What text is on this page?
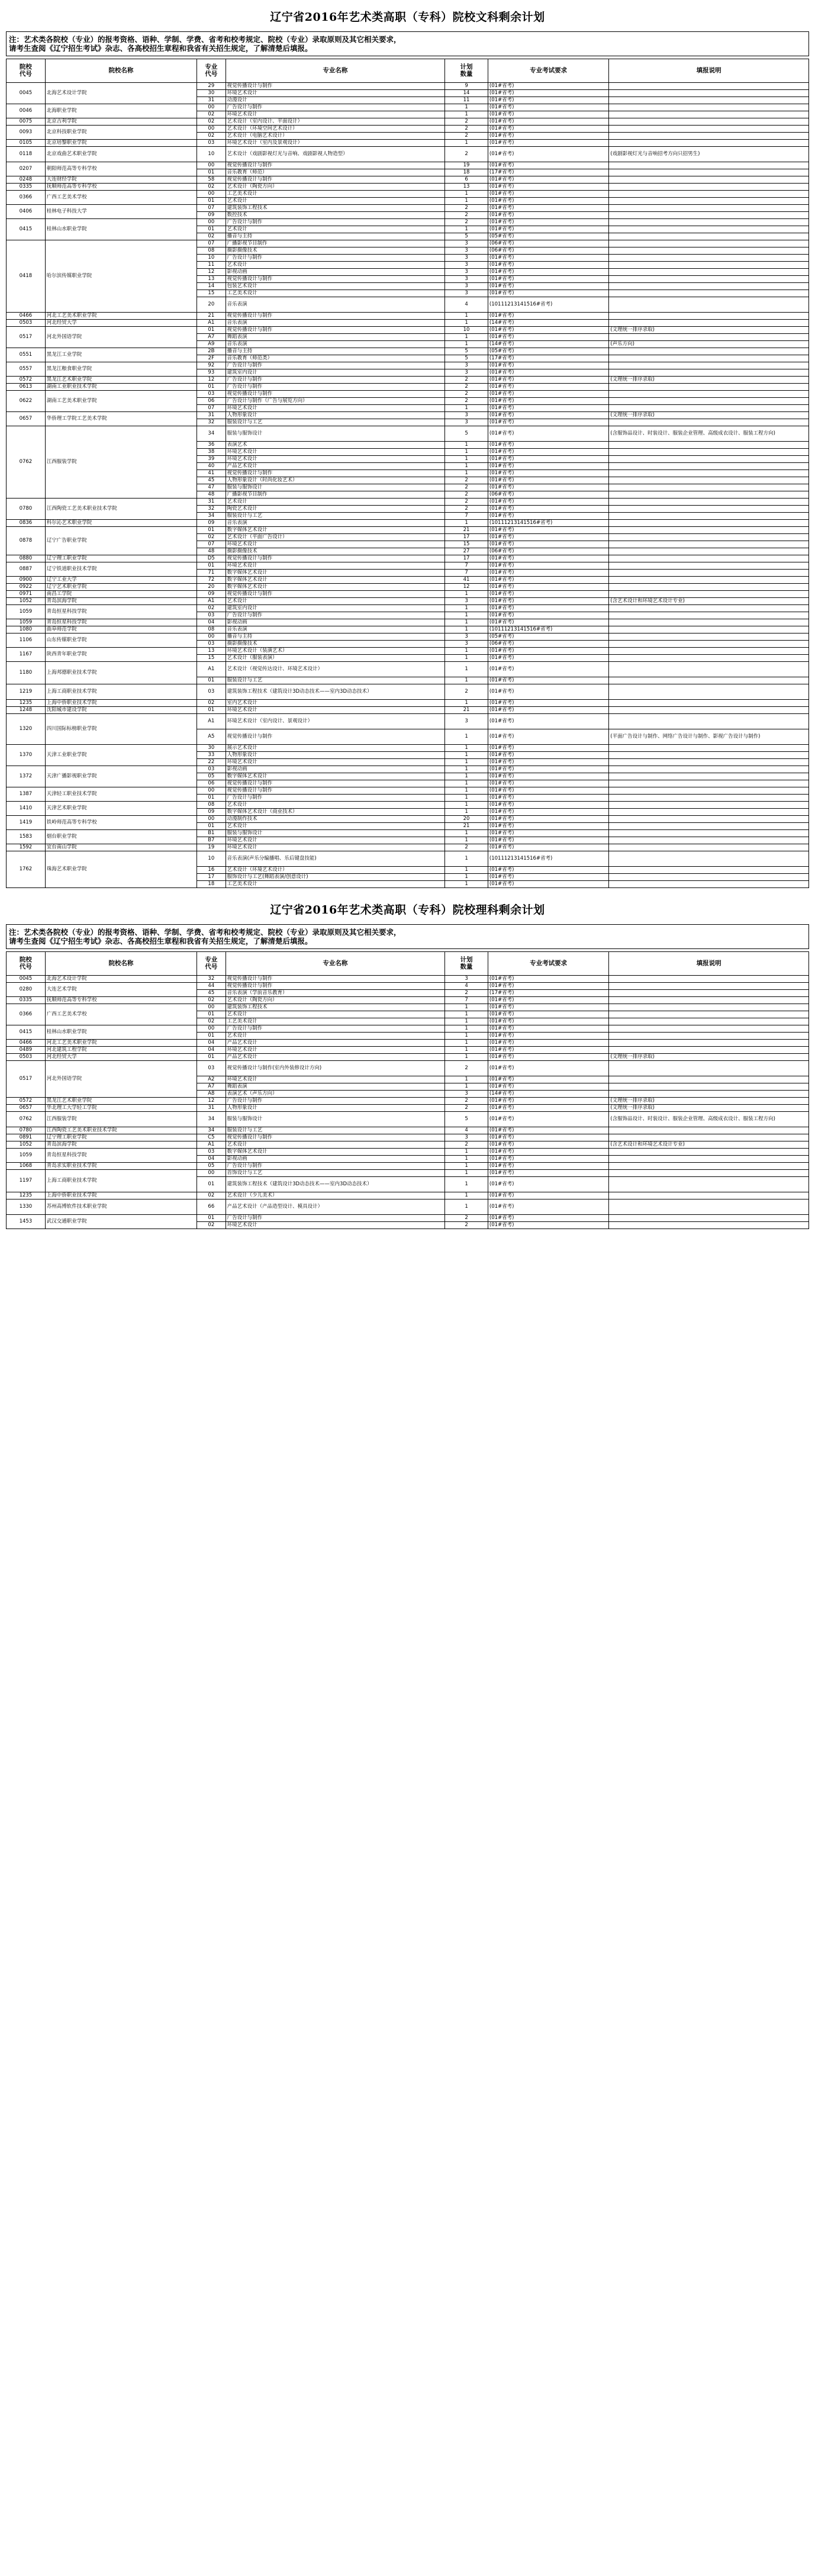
辽宁省2016年艺术类高职（专科）院校文科剩余计划
注：艺术类各院校（专业）的报考资格、语种、学制、学费、省考和校考规定、院校（专业）录取原则及其它相关要求，
请考生查阅《辽宁招生考试》杂志、各高校招生章程和我省有关招生规定，了解清楚后填报。
院校
代号	院校名称	专业
代号	专业名称	计划
数量	专业考试要求	填报说明

0045	北海艺术设计学院	29	视觉传播设计与制作	9	(01#省考)	
		30	环境艺术设计	14	(01#省考)	
		31	动漫设计	11	(01#省考)	
0046	北海职业学院	00	广告设计与制作	1	(01#省考)	
		02	环境艺术设计	1	(01#省考)	
0075	北京吉利学院	02	艺术设计（室内设计、平面设计）	2	(01#省考)	
0093	北京科技职业学院	00	艺术设计（环境空间艺术设计）	2	(01#省考)	
		02	艺术设计（电脑艺术设计）	2	(01#省考)	
0105	北京培黎职业学院	03	环境艺术设计（室内及景观设计）	1	(01#省考)	
0118	北京戏曲艺术职业学院	10	艺术设计（戏剧影视灯光与音响、戏剧影视人物造型）	2	(01#省考)	(戏剧影视灯光与音响招考方向只招男生)
0207	朝阳师范高等专科学校	00	视觉传播设计与制作	19	(01#省考)	
		01	音乐教育（师范）	18	(17#省考)	
0248	大连财经学院	58	视觉传播设计与制作	6	(01#省考)	
0335	抚顺师范高等专科学校	02	艺术设计（陶瓷方向）	13	(01#省考)	
0366	广西工艺美术学校	00	工艺美术设计	1	(01#省考)	
		01	艺术设计	1	(01#省考)	
0406	桂林电子科技大学	07	建筑装饰工程技术	2	(01#省考)	
		09	数控技术	2	(01#省考)	
0415	桂林山水职业学院	00	广告设计与制作	2	(01#省考)	
		01	艺术设计	1	(01#省考)	
		02	播音与主持	5	(05#省考)	
0418	哈尔滨传媒职业学院	07	广播影视节目制作	3	(06#省考)	
		08	摄影摄像技术	3	(06#省考)	
		10	广告设计与制作	3	(01#省考)	
		11	艺术设计	3	(01#省考)	
		12	影视动画	3	(01#省考)	
		13	视觉传播设计与制作	3	(01#省考)	
		14	包装艺术设计	3	(01#省考)	
		15	工艺美术设计	3	(01#省考)	
		20	音乐表演	4	(10111213141516#省考)	
0466	河北工艺美术职业学院	21	视觉传播设计与制作	1	(01#省考)	
0503	河北经贸大学	A1	音乐表演	1	(14#省考)	
0517	河北外国语学院	01	视觉传播设计与制作	10	(01#省考)	(文理统一排序录取)
		A7	舞蹈表演	1	(01#省考)	
		A9	音乐表演	1	(14#省考)	(声乐方向)
0551	黑龙江工业学院	2B	播音与主持	5	(05#省考)	
		2F	音乐教育（师范类）	5	(17#省考)	
0557	黑龙江粮食职业学院	92	广告设计与制作	3	(01#省考)	
		93	建筑室内设计	3	(01#省考)	
0572	黑龙江艺术职业学院	12	广告设计与制作	2	(01#省考)	(文理统一排序录取)
0613	湖南工业职业技术学院	01	广告设计与制作	2	(01#省考)	
0622	湖南工艺美术职业学院	03	视觉传播设计与制作	2	(01#省考)	
		06	广告设计与制作（广告与展览方向）	2	(01#省考)	
		07	环境艺术设计	1	(01#省考)	
0657	华侨理工学院工艺美术学院	31	人物形象设计	3	(01#省考)	(文理统一排序录取)
		32	服装设计与工艺	3	(01#省考)	
0762	江西服装学院	34	服装与服饰设计	5	(01#省考)	(含服饰品设计、时装设计、服装企业管理、高级成衣设计、服装工程方向)
		36	表演艺术	1	(01#省考)	
		38	环境艺术设计	1	(01#省考)	
		39	环境艺术设计	1	(01#省考)	
		40	产品艺术设计	1	(01#省考)	
		41	视觉传播设计与制作	1	(01#省考)	
		45	人物形象设计（时尚化妆艺术）	2	(01#省考)	
		47	服装与服饰设计	2	(01#省考)	
		48	广播影视节目制作	2	(06#省考)	
0780	江西陶瓷工艺美术职业技术学院	31	艺术设计	2	(01#省考)	
		32	陶瓷艺术设计	2	(01#省考)	
		34	服装设计与工艺	7	(01#省考)	
0836	科尔沁艺术职业学院	09	音乐表演	1	(10111213141516#省考)	
0878	辽宁广告职业学院	01	数字媒体艺术设计	21	(01#省考)	
		02	艺术设计（平面广告设计）	17	(01#省考)	
		07	环境艺术设计	15	(01#省考)	
		48	摄影摄像技术	27	(06#省考)	
0880	辽宁理工职业学院	D5	视觉传播设计与制作	17	(01#省考)	
0887	辽宁铁道职业技术学院	01	环境艺术设计	7	(01#省考)	
		71	数字媒体艺术设计	7	(01#省考)	
0900	辽宁工业大学	72	数字媒体艺术设计	41	(01#省考)	
0922	辽宁艺术职业学院	20	数字媒体艺术设计	12	(01#省考)	
0971	南昌工学院	09	视觉传播设计与制作	1	(01#省考)	
1052	青岛滨海学院	A1	艺术设计	3	(01#省考)	(含艺术设计和环境艺术设计专业)
1059	青岛恒星科技学院	02	建筑室内设计	1	(01#省考)	
		03	广告设计与制作	1	(01#省考)	
1059	青岛恒星科技学院	04	影视动画	1	(01#省考)	
1080	曲阜师范学院	08	音乐表演	1	(10111213141516#省考)	
1106	山东传媒职业学院	00	播音与主持	3	(05#省考)	
		03	摄影摄像技术	3	(06#省考)	
1167	陕西青年职业学院	13	环境艺术设计（装潢艺术）	1	(01#省考)	
		15	艺术设计（服装表演）	1	(01#省考)	
1180	上海邦德职业技术学院	A1	艺术设计（视觉传达设计、环境艺术设计）	1	(01#省考)	
		01	服装设计与工艺	1	(01#省考)	
1219	上海工商职业技术学院	03	建筑装饰工程技术（建筑设计3D动态技术——室内3D动态技术）	2	(01#省考)	
1235	上海中侨职业技术学院	02	室内艺术设计	1	(01#省考)	
1248	沈阳城市建设学院	01	环境艺术设计	21	(01#省考)	
1320	四川国际标榜职业学院	A1	环境艺术设计（室内设计、景观设计）	3	(01#省考)	
		A5	视觉传播设计与制作	1	(01#省考)	(平面广告设计与制作、网络广告设计与制作、影视广告设计与制作)
1370	天津工业职业学院	30	展示艺术设计	1	(01#省考)	
		33	人物形象设计	1	(01#省考)	
		22	环境艺术设计	1	(01#省考)	
1372	天津广播影视职业学院	03	影视动画	1	(01#省考)	
		05	数字媒体艺术设计	1	(01#省考)	
		06	视觉传播设计与制作	1	(01#省考)	
1387	天津轻工职业技术学院	00	视觉传播设计与制作	1	(01#省考)	
		01	广告设计与制作	1	(01#省考)	
1410	天津艺术职业学院	08	艺术设计	1	(01#省考)	
		09	数字媒体艺术设计（商业技术）	1	(01#省考)	
1419	铁岭师范高等专科学校	00	动漫制作技术	20	(01#省考)	
		01	艺术设计	21	(01#省考)	
1583	烟台职业学院	B1	服装与服饰设计	1	(01#省考)	
		B7	环境艺术设计	1	(01#省考)	
1592	宜台南山学院	19	环境艺术设计	2	(01#省考)	
1762	珠海艺术职业学院	10	音乐表演(声乐分编播唱、乐后键盘技能)	1	(10111213141516#省考)	
		16	艺术设计（环境艺术设计）	1	(01#省考)	
		17	服饰设计与工艺(舞蹈表演/创意设计)	1	(01#省考)	
		18	工艺美术设计	1	(01#省考)	
辽宁省2016年艺术类高职（专科）院校理科剩余计划
注：艺术类各院校（专业）的报考资格、语种、学制、学费、省考和校考规定、院校（专业）录取原则及其它相关要求，
请考生查阅《辽宁招生考试》杂志、各高校招生章程和我省有关招生规定，了解清楚后填报。
院校
代号	院校名称	专业
代号	专业名称	计划
数量	专业考试要求	填报说明

0045	北海艺术设计学院	32	视觉传播设计与制作	3	(01#省考)	
0280	大连艺术学院	44	视觉传播设计与制作	4	(01#省考)	
		45	音乐表演（学前音乐教育）	2	(17#省考)	
0335	抚顺师范高等专科学校	02	艺术设计（陶瓷方向）	7	(01#省考)	
0366	广西工艺美术学校	00	建筑装饰工程技术	1	(01#省考)	
		01	艺术设计	1	(01#省考)	
		02	工艺美术设计	1	(01#省考)	
0415	桂林山水职业学院	00	广告设计与制作	1	(01#省考)	
		01	艺术设计	1	(01#省考)	
0466	河北工艺美术职业学院	04	产品艺术设计	1	(01#省考)	
0489	河北建筑工程学院	04	环境艺术设计	1	(01#省考)	
0503	河北经贸大学	01	产品艺术设计	1	(01#省考)	(文理统一排序录取)
0517	河北外国语学院	03	视觉传播设计与制作(室内外装修设计方向)	2	(01#省考)	
		A2	环境艺术设计	1	(01#省考)	
		A7	舞蹈表演	1	(01#省考)	
		A8	表演艺术（声乐方向）	3	(14#省考)	
0572	黑龙江艺术职业学院	12	广告设计与制作	2	(01#省考)	(文理统一排序录取)
0657	华北理工大学轻工学院	31	人物形象设计	2	(01#省考)	(文理统一排序录取)
0762	江西服装学院	34	服装与服饰设计	5	(01#省考)	(含服饰品设计、时装设计、服装企业管理、高级成衣设计、服装工程方向)
0780	江西陶瓷工艺美术职业技术学院	34	服装设计与工艺	4	(01#省考)	
0891	辽宁理工职业学院	C5	视觉传播设计与制作	3	(01#省考)	
1052	青岛滨海学院	A1	艺术设计	2	(01#省考)	(含艺术设计和环境艺术设计专业)
1059	青岛恒星科技学院	03	数字媒体艺术设计	1	(01#省考)	
		04	影视动画	1	(01#省考)	
1068	青岛求实职业技术学院	05	广告设计与制作	1	(01#省考)	
1197	上海工商职业技术学院	00	首饰设计与工艺	1	(01#省考)	
		01	建筑装饰工程技术（建筑设计3D动态技术——室内3D动态技术）	1	(01#省考)	
1235	上海中侨职业技术学院	02	艺术设计（少儿美术）	1	(01#省考)	
1330	苏州高博软件技术职业学院	66	产品艺术设计（产品造型设计、模具设计）	1	(01#省考)	
1453	武汉交通职业学院	01	广告设计与制作	2	(01#省考)	
		02	环境艺术设计	2	(01#省考)	
